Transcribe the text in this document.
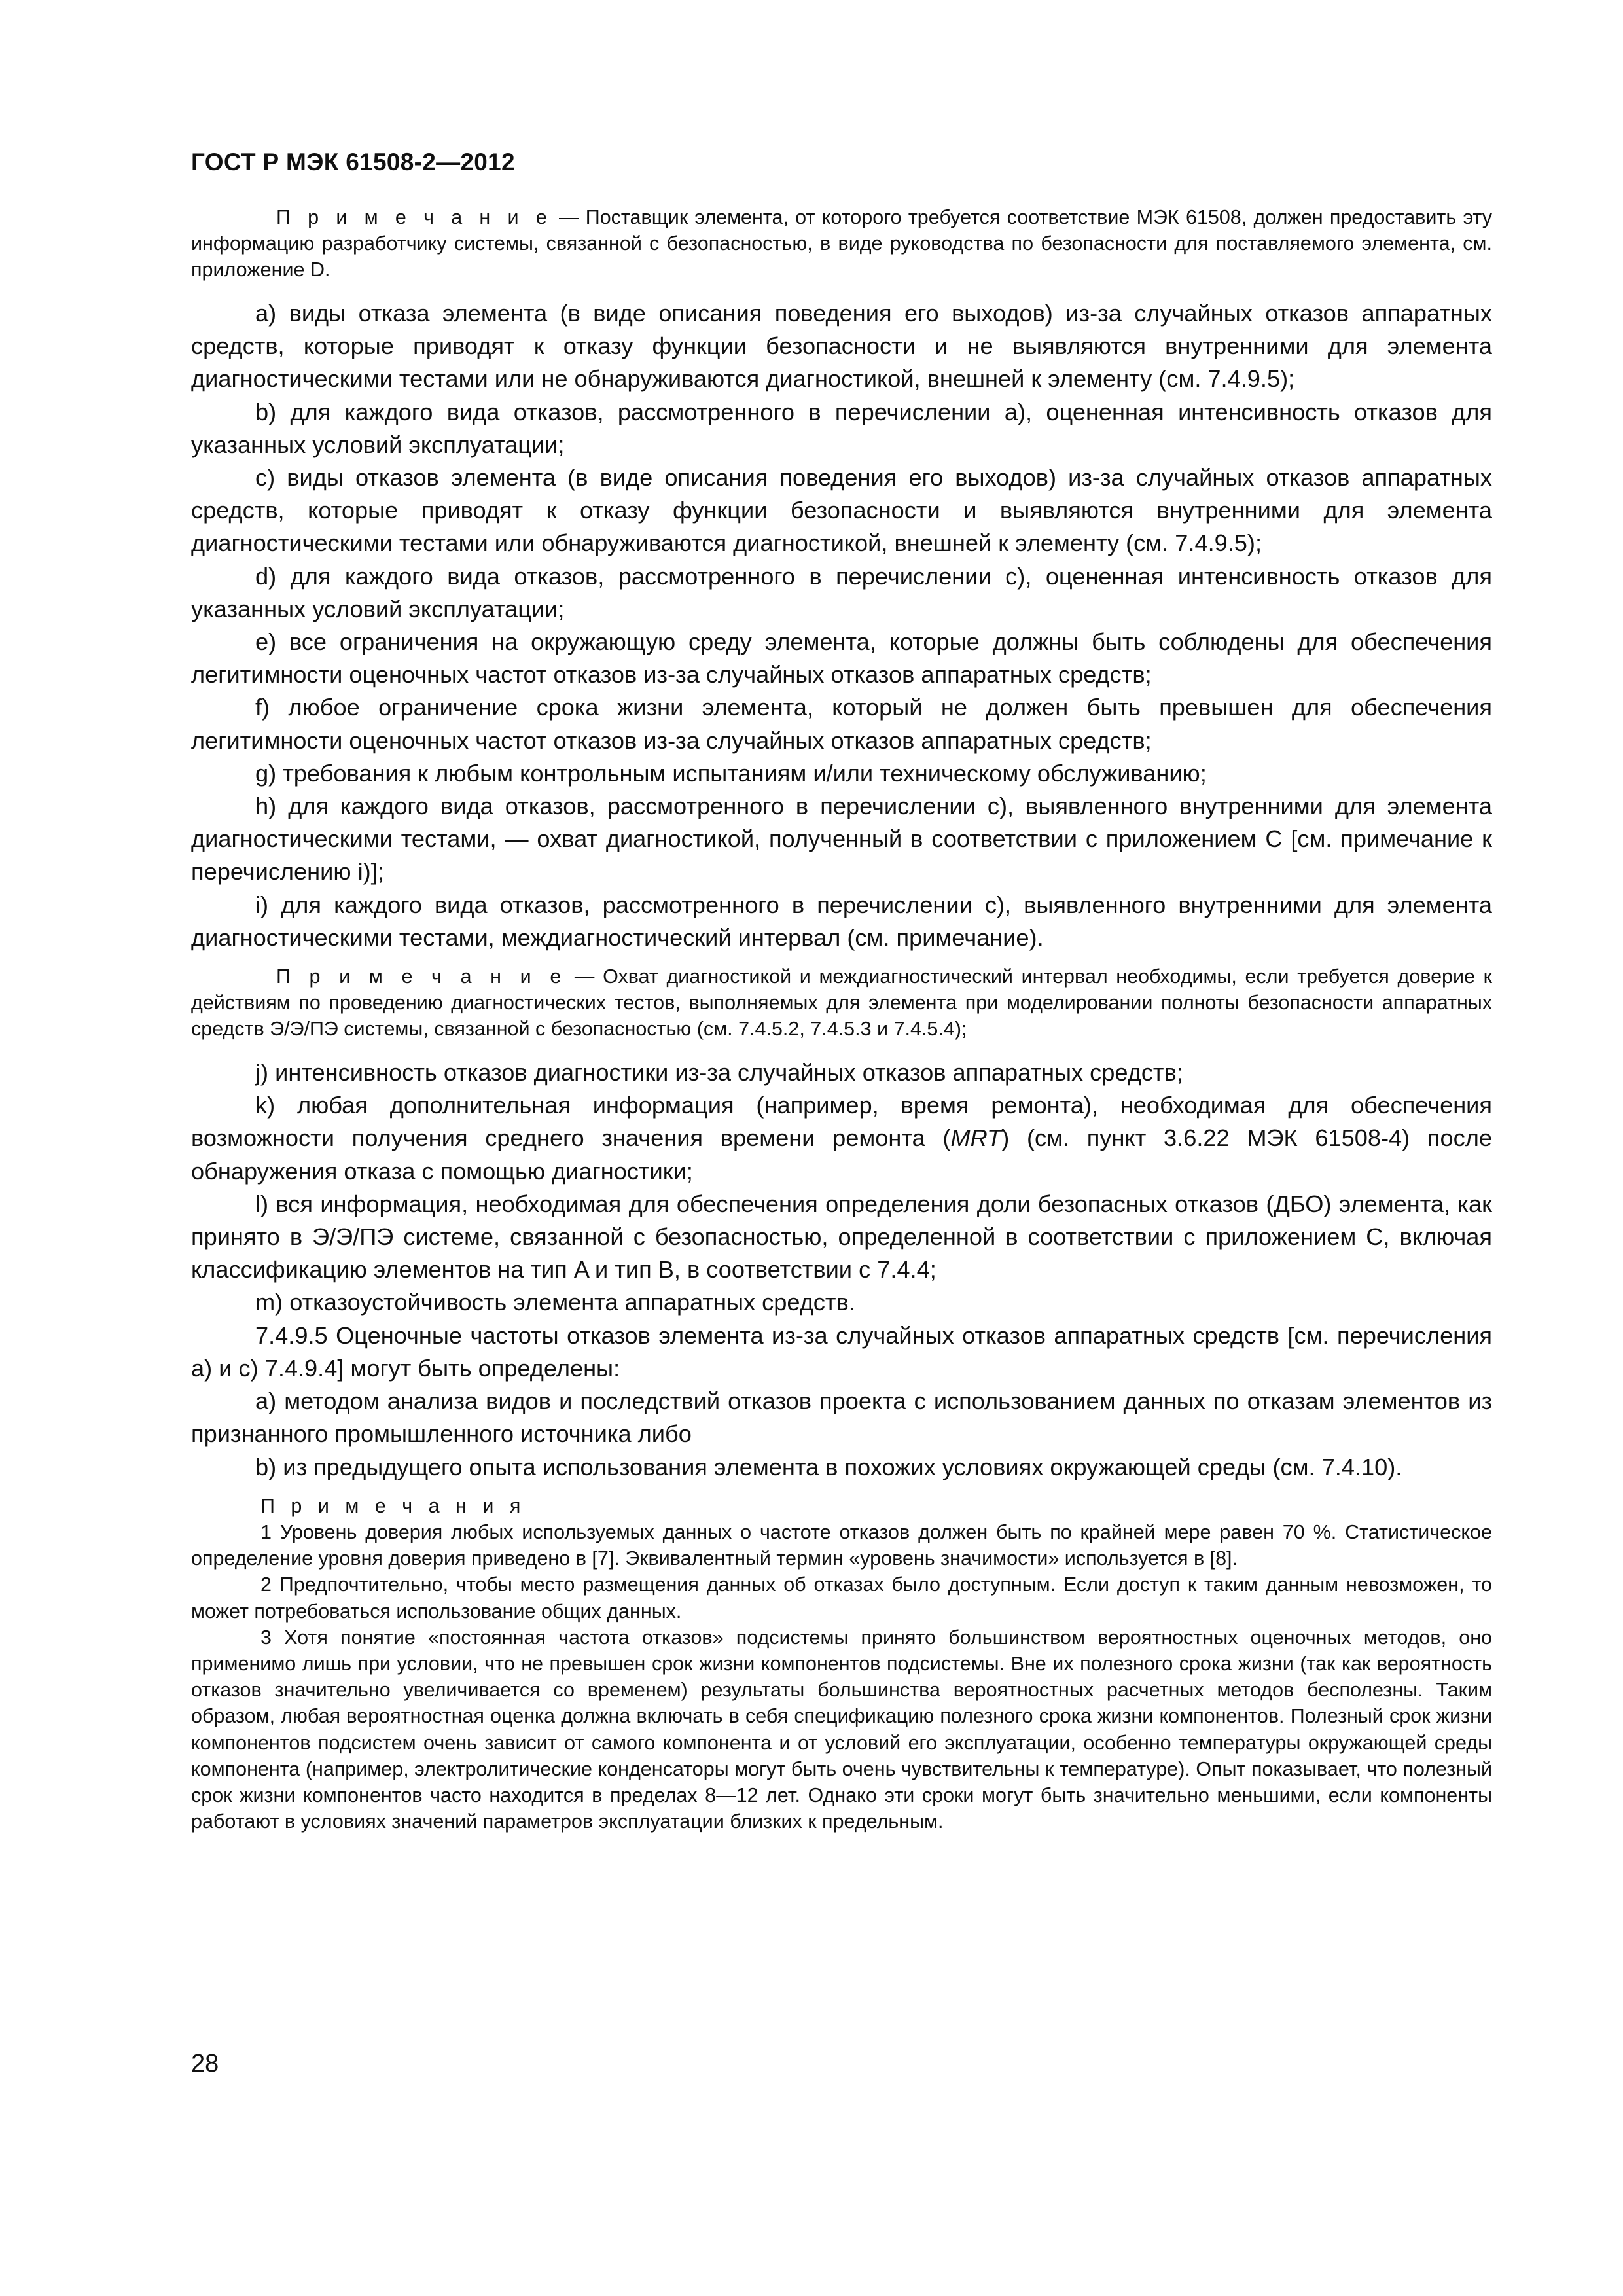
ГОСТ Р МЭК 61508-2—2012

П р и м е ч а н и е — Поставщик элемента, от которого требуется соответствие МЭК 61508, должен предоставить эту информацию разработчику системы, связанной с безопасностью, в виде руководства по безопасности для поставляемого элемента, см. приложение D.

a) виды отказа элемента (в виде описания поведения его выходов) из-за случайных отказов аппаратных средств, которые приводят к отказу функции безопасности и не выявляются внутренними для элемента диагностическими тестами или не обнаруживаются диагностикой, внешней к элементу (см. 7.4.9.5);

b) для каждого вида отказов, рассмотренного в перечислении a), оцененная интенсивность отказов для указанных условий эксплуатации;

c) виды отказов элемента (в виде описания поведения его выходов) из-за случайных отказов аппаратных средств, которые приводят к отказу функции безопасности и выявляются внутренними для элемента диагностическими тестами или обнаруживаются диагностикой, внешней к элементу (см. 7.4.9.5);

d) для каждого вида отказов, рассмотренного в перечислении c), оцененная интенсивность отказов для указанных условий эксплуатации;

e) все ограничения на окружающую среду элемента, которые должны быть соблюдены для обеспечения легитимности оценочных частот отказов из-за случайных отказов аппаратных средств;

f) любое ограничение срока жизни элемента, который не должен быть превышен для обеспечения легитимности оценочных частот отказов из-за случайных отказов аппаратных средств;

g) требования к любым контрольным испытаниям и/или техническому обслуживанию;

h) для каждого вида отказов, рассмотренного в перечислении c), выявленного внутренними для элемента диагностическими тестами, — охват диагностикой, полученный в соответствии с приложением C [см. примечание к перечислению i)];

i) для каждого вида отказов, рассмотренного в перечислении c), выявленного внутренними для элемента диагностическими тестами, междиагностический интервал (см. примечание).

П р и м е ч а н и е — Охват диагностикой и междиагностический интервал необходимы, если требуется доверие к действиям по проведению диагностических тестов, выполняемых для элемента при моделировании полноты безопасности аппаратных средств Э/Э/ПЭ системы, связанной с безопасностью (см. 7.4.5.2, 7.4.5.3 и 7.4.5.4);

j) интенсивность отказов диагностики из-за случайных отказов аппаратных средств;

k) любая дополнительная информация (например, время ремонта), необходимая для обеспечения возможности получения среднего значения времени ремонта (MRT) (см. пункт 3.6.22 МЭК 61508-4) после обнаружения отказа с помощью диагностики;

l) вся информация, необходимая для обеспечения определения доли безопасных отказов (ДБО) элемента, как принято в Э/Э/ПЭ системе, связанной с безопасностью, определенной в соответствии с приложением C, включая классификацию элементов на тип A и тип B, в соответствии с 7.4.4;

m) отказоустойчивость элемента аппаратных средств.

7.4.9.5 Оценочные частоты отказов элемента из-за случайных отказов аппаратных средств [см. перечисления a) и c) 7.4.9.4] могут быть определены:

a) методом анализа видов и последствий отказов проекта с использованием данных по отказам элементов из признанного промышленного источника либо

b) из предыдущего опыта использования элемента в похожих условиях окружающей среды (см. 7.4.10).

П р и м е ч а н и я

1 Уровень доверия любых используемых данных о частоте отказов должен быть по крайней мере равен 70 %. Статистическое определение уровня доверия приведено в [7]. Эквивалентный термин «уровень значимости» используется в [8].

2 Предпочтительно, чтобы место размещения данных об отказах было доступным. Если доступ к таким данным невозможен, то может потребоваться использование общих данных.

3 Хотя понятие «постоянная частота отказов» подсистемы принято большинством вероятностных оценочных методов, оно применимо лишь при условии, что не превышен срок жизни компонентов подсистемы. Вне их полезного срока жизни (так как вероятность отказов значительно увеличивается со временем) результаты большинства вероятностных расчетных методов бесполезны. Таким образом, любая вероятностная оценка должна включать в себя спецификацию полезного срока жизни компонентов. Полезный срок жизни компонентов подсистем очень зависит от самого компонента и от условий его эксплуатации, особенно температуры окружающей среды компонента (например, электролитические конденсаторы могут быть очень чувствительны к температуре). Опыт показывает, что полезный срок жизни компонентов часто находится в пределах 8—12 лет. Однако эти сроки могут быть значительно меньшими, если компоненты работают в условиях значений параметров эксплуатации близких к предельным.

28
